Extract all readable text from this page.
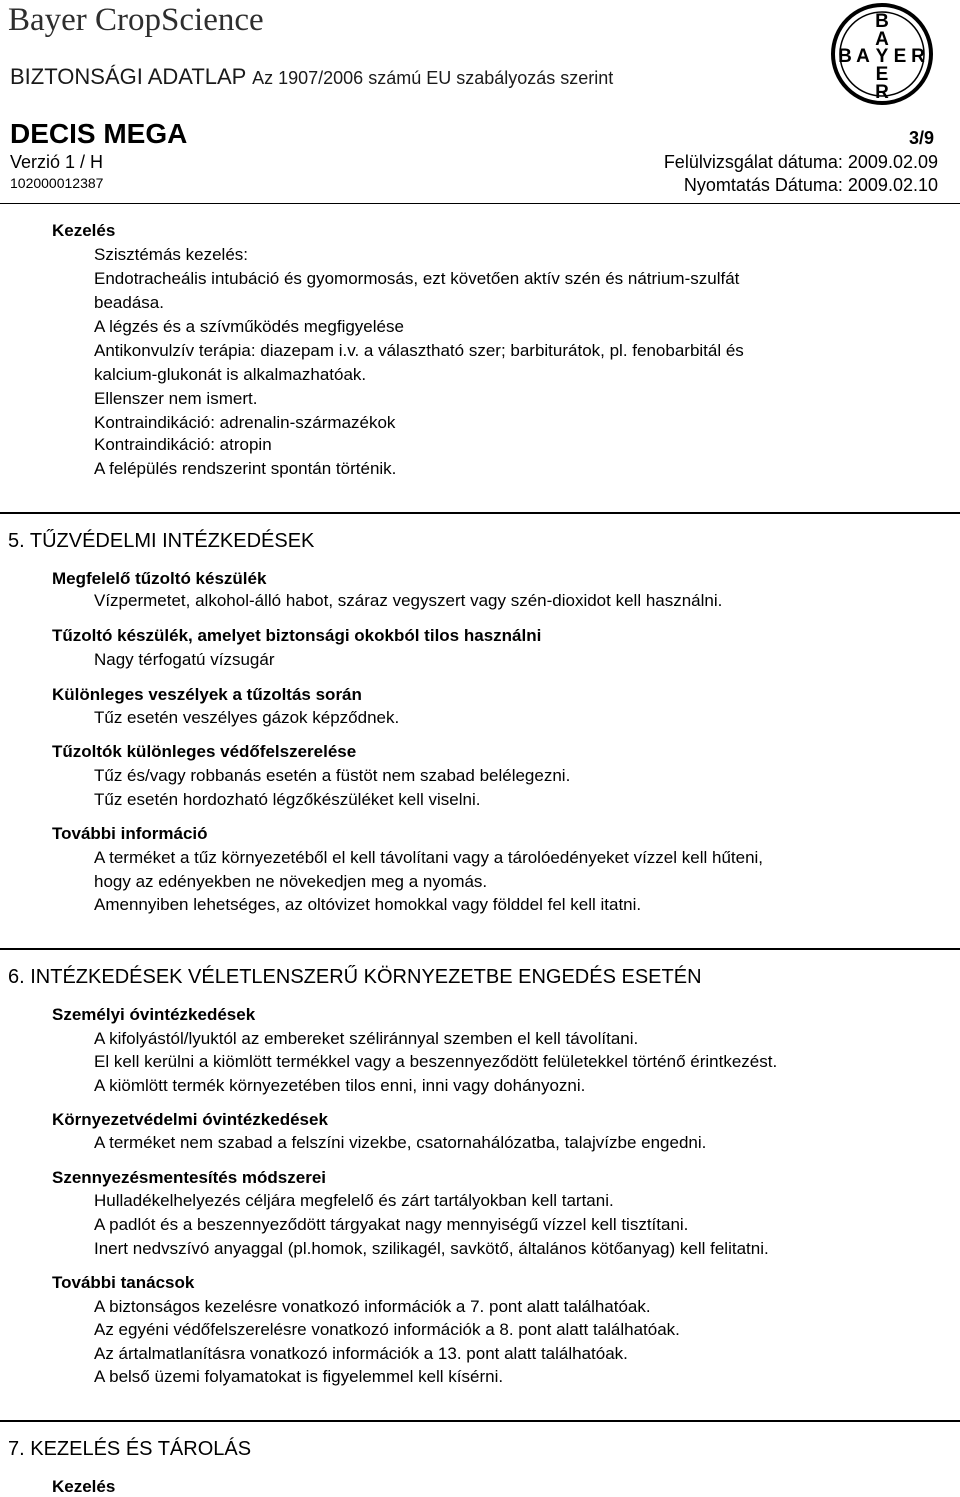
Bayer CropScience
BIZTONSÁGI ADATLAP Az 1907/2006 számú EU szabályozás szerint
B
A
B A Y E R
E
R
DECIS MEGA	3/9
Verzió 1 / H
102000012387
Felülvizsgálat dátuma: 2009.02.09
Nyomtatás Dátuma: 2009.02.10
Kezelés
Szisztémás kezelés:
Endotracheális intubáció és gyomormosás, ezt követően aktív szén és nátrium-szulfát
beadása.
A légzés és a szívműködés megfigyelése
Antikonvulzív terápia: diazepam i.v. a választható szer; barbiturátok, pl. fenobarbitál és
kalcium-glukonát is alkalmazhatóak.
Ellenszer nem ismert.
Kontraindikáció: adrenalin-származékok
Kontraindikáció: atropin
A felépülés rendszerint spontán történik.
5. TŰZVÉDELMI INTÉZKEDÉSEK
Megfelelő tűzoltó készülék
Vízpermetet, alkohol-álló habot, száraz vegyszert vagy szén-dioxidot kell használni.
Tűzoltó készülék, amelyet biztonsági okokból tilos használni
Nagy térfogatú vízsugár
Különleges veszélyek a tűzoltás során
Tűz esetén veszélyes gázok képződnek.
Tűzoltók különleges védőfelszerelése
Tűz és/vagy robbanás esetén a füstöt nem szabad belélegezni.
Tűz esetén hordozható légzőkészüléket kell viselni.
További információ
A terméket a tűz környezetéből el kell távolítani vagy a tárolóedényeket vízzel kell hűteni,
hogy az edényekben ne növekedjen meg a nyomás.
Amennyiben lehetséges, az oltóvizet homokkal vagy földdel fel kell itatni.
6. INTÉZKEDÉSEK VÉLETLENSZERŰ KÖRNYEZETBE ENGEDÉS ESETÉN
Személyi óvintézkedések
A kifolyástól/lyuktól az embereket széliránnyal szemben el kell távolítani.
El kell kerülni a kiömlött termékkel vagy a beszennyeződött felületekkel történő érintkezést.
A kiömlött termék környezetében tilos enni, inni vagy dohányozni.
Környezetvédelmi óvintézkedések
A terméket nem szabad a felszíni vizekbe, csatornahálózatba, talajvízbe engedni.
Szennyezésmentesítés módszerei
Hulladékelhelyezés céljára megfelelő és zárt tartályokban kell tartani.
A padlót és a beszennyeződött tárgyakat nagy mennyiségű vízzel kell tisztítani.
Inert nedvszívó anyaggal (pl.homok, szilikagél, savkötő, általános kötőanyag) kell felitatni.
További tanácsok
A biztonságos kezelésre vonatkozó információk a 7. pont alatt találhatóak.
Az egyéni védőfelszerelésre vonatkozó információk a 8. pont alatt találhatóak.
Az ártalmatlanításra vonatkozó információk a 13. pont alatt találhatóak.
A belső üzemi folyamatokat is figyelemmel kell kísérni.
7. KEZELÉS ÉS TÁROLÁS
Kezelés
